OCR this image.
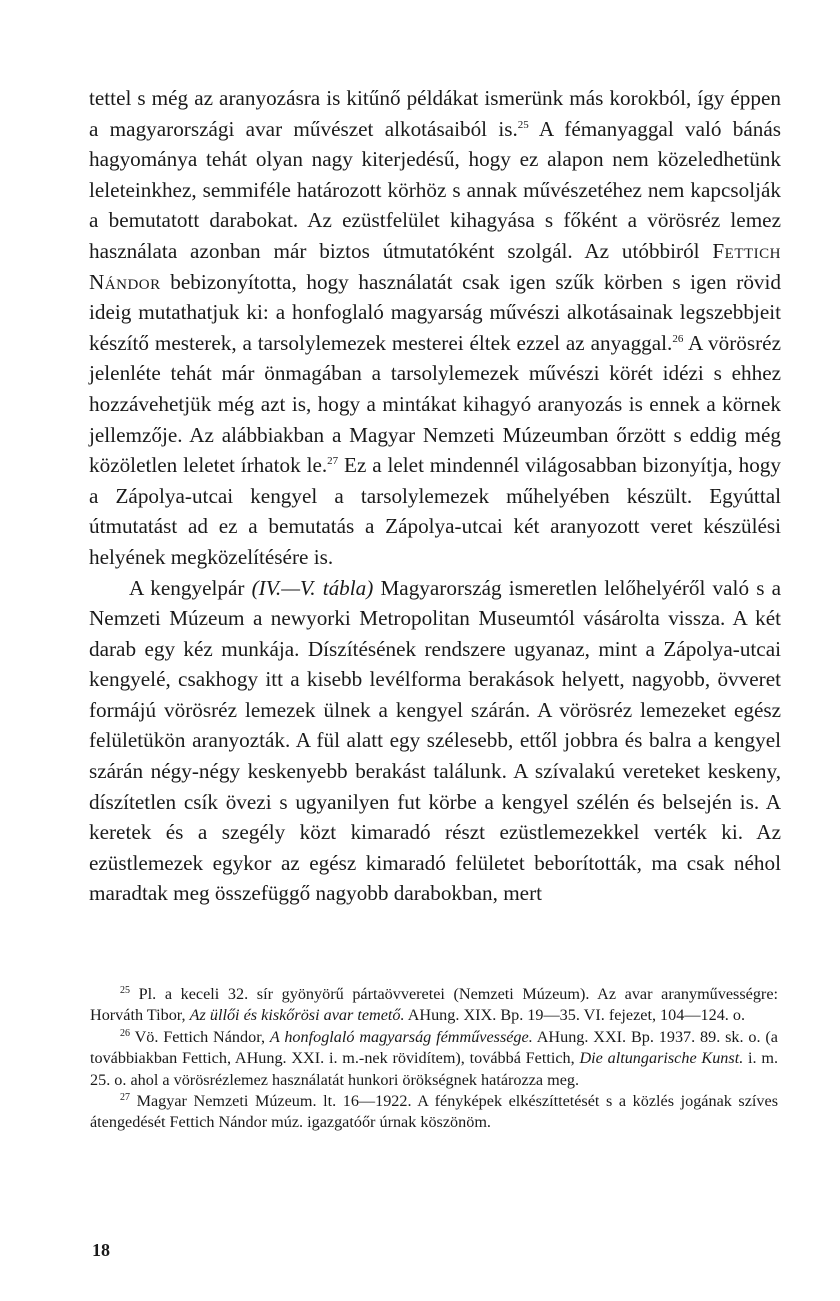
tettel s még az aranyozásra is kitűnő példákat ismerünk más korokból, így éppen a magyarországi avar művészet alkotásaiból is.$^{25}$ A fémanyaggal való bánás hagyománya tehát olyan nagy kiterjedésű, hogy ez alapon nem közeledhetünk leleteinkhez, semmiféle határozott körhöz s annak művészetéhez nem kapcsolják a bemutatott darabokat. Az ezüstfelület kihagyása s főként a vörösréz lemez használata azonban már biztos útmutatóként szolgál. Az utóbbiról Fettich Nándor bebizonyította, hogy használatát csak igen szűk körben s igen rövid ideig mutathatjuk ki: a honfoglaló magyarság művészi alkotásainak legszebbjeit készítő mesterek, a tarsolylemezek mesterei éltek ezzel az anyaggal.$^{26}$ A vörösréz jelenléte tehát már önmagában a tarsolylemezek művészi körét idézi s ehhez hozzávehetjük még azt is, hogy a mintákat kihagyó aranyozás is ennek a körnek jellemzője. Az alábbiakban a Magyar Nemzeti Múzeumban őrzött s eddig még közöletlen leletet írhatok le.$^{27}$ Ez a lelet mindennél világosabban bizonyítja, hogy a Zápolya-utcai kengyel a tarsolylemezek műhelyében készült. Egyúttal útmutatást ad ez a bemutatás a Zápolya-utcai két aranyozott veret készülési helyének megközelítésére is.

A kengyelpár (IV.—V. tábla) Magyarország ismeretlen lelőhelyéről való s a Nemzeti Múzeum a newyorki Metropolitan Museumtól vásárolta vissza. A két darab egy kéz munkája. Díszítésének rendszere ugyanaz, mint a Zápolya-utcai kengyelé, csakhogy itt a kisebb levélforma berakások helyett, nagyobb, övveret formájú vörösréz lemezek ülnek a kengyel szárán. A vörösréz lemezeket egész felületükön aranyozták. A fül alatt egy szélesebb, ettől jobbra és balra a kengyel szárán négy-négy keskenyebb berakást találunk. A szívalakú vereteket keskeny, díszítetlen csík övezi s ugyanilyen fut körbe a kengyel szélén és belsején is. A keretek és a szegély közt kimaradó részt ezüstlemezekkel verték ki. Az ezüstlemezek egykor az egész kimaradó felületet beborították, ma csak néhol maradtak meg összefüggő nagyobb darabokban, mert

$^{25}$ Pl. a keceli 32. sír gyönyörű pártaövveretei (Nemzeti Múzeum). Az avar aranyművességre: Horváth Tibor, Az üllői és kiskőrösi avar temető. AHung. XIX. Bp. 19—35. VI. fejezet, 104—124. o.

$^{26}$ Vö. Fettich Nándor, A honfoglaló magyarság fémművessége. AHung. XXI. Bp. 1937. 89. sk. o. (a továbbiakban Fettich, AHung. XXI. i. m.-nek rövidítem), továbbá Fettich, Die altungarische Kunst. i. m. 25. o. ahol a vörösrézlemez használatát hunkori örökségnek határozza meg.

$^{27}$ Magyar Nemzeti Múzeum. lt. 16—1922. A fényképek elkészíttetését s a közlés jogának szíves átengedését Fettich Nándor múz. igazgatóőr úrnak köszönöm.

18
